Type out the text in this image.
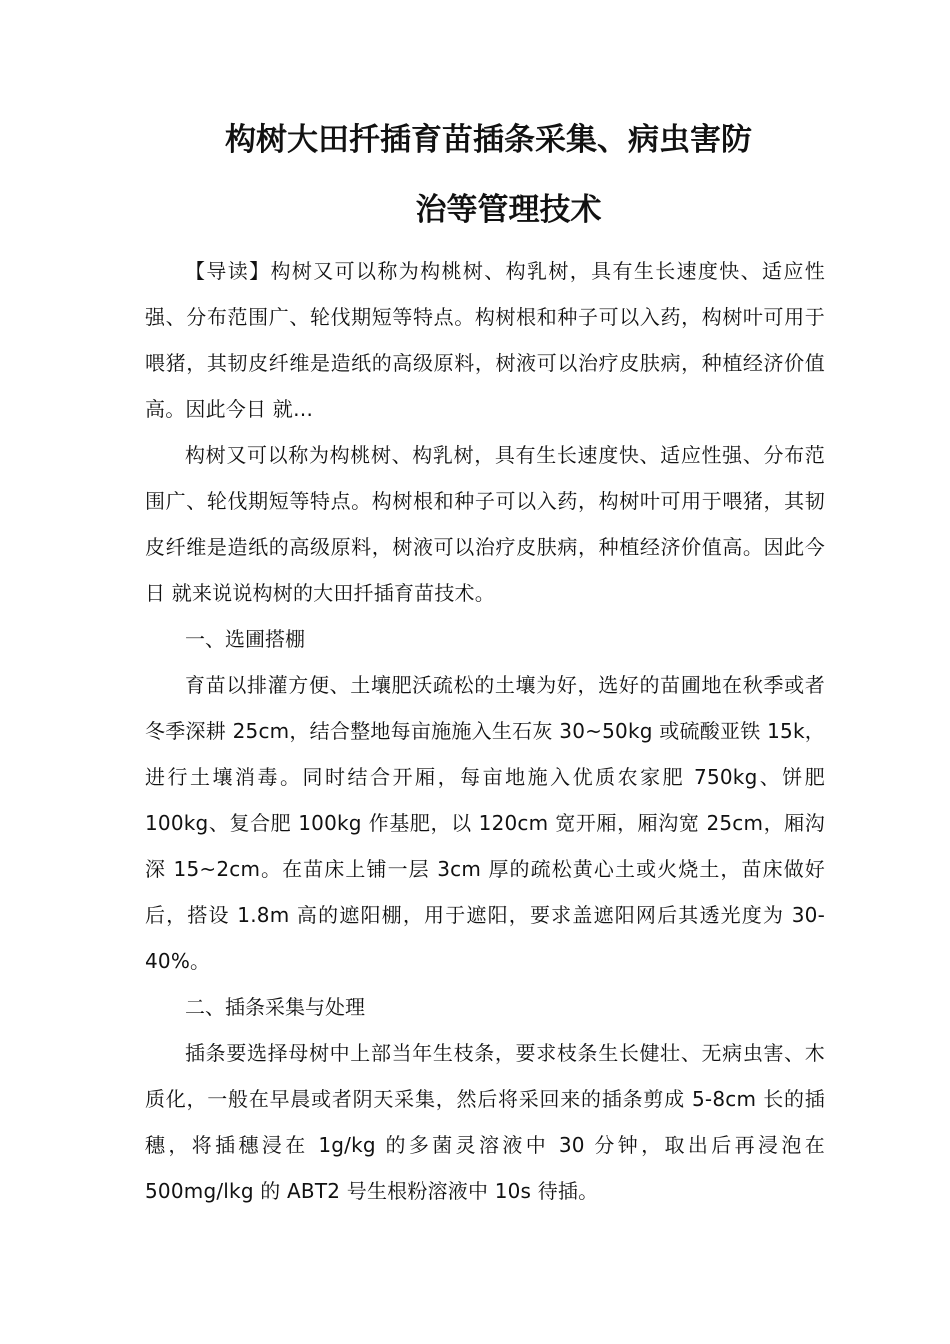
构树大田扦插育苗插条采集、病虫害防
治等管理技术

【导读】构树又可以称为构桃树、构乳树，具有生长速度快、适应性强、分布范围广、轮伐期短等特点。构树根和种子可以入药，构树叶可用于喂猪，其韧皮纤维是造纸的高级原料，树液可以治疗皮肤病，种植经济价值高。因此今日 就…

构树又可以称为构桃树、构乳树，具有生长速度快、适应性强、分布范围广、轮伐期短等特点。构树根和种子可以入药，构树叶可用于喂猪，其韧皮纤维是造纸的高级原料，树液可以治疗皮肤病，种植经济价值高。因此今日 就来说说构树的大田扦插育苗技术。

一、选圃搭棚

育苗以排灌方便、土壤肥沃疏松的土壤为好，选好的苗圃地在秋季或者冬季深耕 25cm，结合整地每亩施施入生石灰 30~50kg 或硫酸亚铁 15k，进行土壤消毒。同时结合开厢，每亩地施入优质农家肥 750kg、饼肥 100kg、复合肥 100kg 作基肥，以 120cm 宽开厢，厢沟宽 25cm，厢沟深 15~2cm。在苗床上铺一层 3cm 厚的疏松黄心土或火烧土，苗床做好后，搭设 1.8m 高的遮阳棚，用于遮阳，要求盖遮阳网后其透光度为 30-40%。

二、插条采集与处理

插条要选择母树中上部当年生枝条，要求枝条生长健壮、无病虫害、木质化，一般在早晨或者阴天采集，然后将采回来的插条剪成 5-8cm 长的插穗，将插穗浸在 1g/kg 的多菌灵溶液中 30 分钟，取出后再浸泡在 500mg/lkg 的 ABT2 号生根粉溶液中 10s 待插。
